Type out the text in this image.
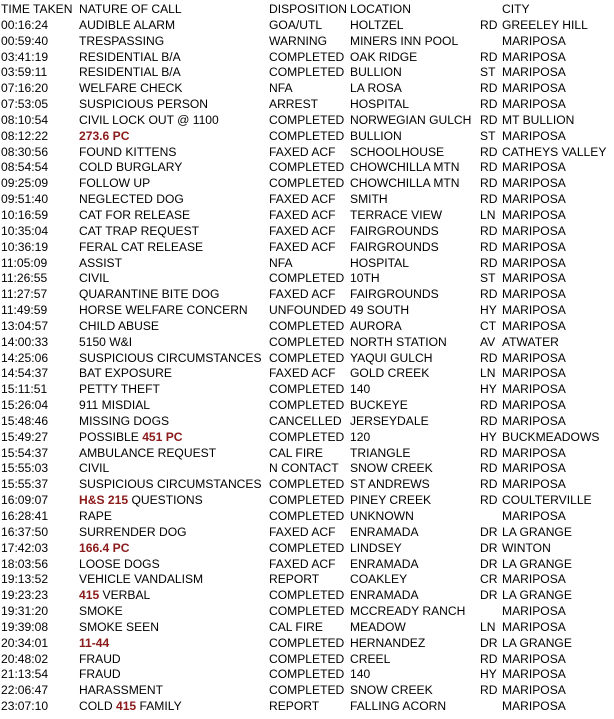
TIME TAKEN NATURE OF CALL	DISPOSITION LOCATION	CITY
00:16:24	AUDIBLE ALARM	GOA/UTL HOLTZEL	RD GREELEY HILL
00:59:40	TRESPASSING	WARNING MINERS INN POOL	MARIPOSA
03:41:19	RESIDENTIAL B/A	COMPLETED OAK RIDGE	RD MARIPOSA
03:59:11	RESIDENTIAL B/A	COMPLETED BULLION	ST MARIPOSA
07:16:20	WELFARE CHECK	NFA	LA ROSA	RD MARIPOSA
07:53:05	SUSPICIOUS PERSON	ARREST	HOSPITAL	RD MARIPOSA
08:10:54	CIVIL LOCK OUT @ 1100	COMPLETED NORWEGIAN GULCH RD MT BULLION
08:12:22	273.6 PC	COMPLETED BULLION	ST MARIPOSA
08:30:56	FOUND KITTENS	FAXED ACF SCHOOLHOUSE	RD CATHEYS VALLEY
08:54:54	COLD BURGLARY	COMPLETED CHOWCHILLA MTN RD MARIPOSA
09:25:09	FOLLOW UP	COMPLETED CHOWCHILLA MTN RD MARIPOSA
09:51:40	NEGLECTED DOG	FAXED ACF SMITH	RD MARIPOSA
10:16:59	CAT FOR RELEASE	FAXED ACF TERRACE VIEW	LN MARIPOSA
10:35:04	CAT TRAP REQUEST	FAXED ACF FAIRGROUNDS	RD MARIPOSA
10:36:19	FERAL CAT RELEASE	FAXED ACF FAIRGROUNDS	RD MARIPOSA
11:05:09	ASSIST	NFA	HOSPITAL	RD MARIPOSA
11:26:55	CIVIL	COMPLETED 10TH	ST MARIPOSA
11:27:57	QUARANTINE BITE DOG	FAXED ACF FAIRGROUNDS	RD MARIPOSA
11:49:59	HORSE WELFARE CONCERN UNFOUNDED 49 SOUTH	HY MARIPOSA
13:04:57	CHILD ABUSE	COMPLETED AURORA	CT MARIPOSA
14:00:33	5150 W&I	COMPLETED NORTH STATION	AV ATWATER
14:25:06	SUSPICIOUS CIRCUMSTANCES COMPLETED YAQUI GULCH	RD MARIPOSA
14:54:37	BAT EXPOSURE	FAXED ACF GOLD CREEK	LN MARIPOSA
15:11:51	PETTY THEFT	COMPLETED 140	HY MARIPOSA
15:26:04	911 MISDIAL	COMPLETED BUCKEYE	RD MARIPOSA
15:48:46	MISSING DOGS	CANCELLED JERSEYDALE	RD MARIPOSA
15:49:27	POSSIBLE 451 PC	COMPLETED 120	HY BUCKMEADOWS
15:54:37	AMBULANCE REQUEST	CAL FIRE TRIANGLE	RD MARIPOSA
15:55:03	CIVIL	N CONTACT SNOW CREEK	RD MARIPOSA
15:55:37	SUSPICIOUS CIRCUMSTANCES COMPLETED ST ANDREWS	RD MARIPOSA
16:09:07	H&S 215 QUESTIONS	COMPLETED PINEY CREEK	RD COULTERVILLE
16:28:41	RAPE	COMPLETED UNKNOWN	MARIPOSA
16:37:50	SURRENDER DOG	FAXED ACF ENRAMADA	DR LA GRANGE
17:42:03	166.4 PC	COMPLETED LINDSEY	DR WINTON
18:03:56	LOOSE DOGS	FAXED ACF ENRAMADA	DR LA GRANGE
19:13:52	VEHICLE VANDALISM	REPORT	COAKLEY	CR MARIPOSA
19:23:23	415 VERBAL	COMPLETED ENRAMADA	DR LA GRANGE
19:31:20	SMOKE	COMPLETED MCCREADY RANCH	MARIPOSA
19:39:08	SMOKE SEEN	CAL FIRE MEADOW	LN MARIPOSA
20:34:01	11-44	COMPLETED HERNANDEZ	DR LA GRANGE
20:48:02	FRAUD	COMPLETED CREEL	RD MARIPOSA
21:13:54	FRAUD	COMPLETED 140	HY MARIPOSA
22:06:47	HARASSMENT	COMPLETED SNOW CREEK	RD MARIPOSA
23:07:10	COLD 415 FAMILY	REPORT	FALLING ACORN	MARIPOSA
